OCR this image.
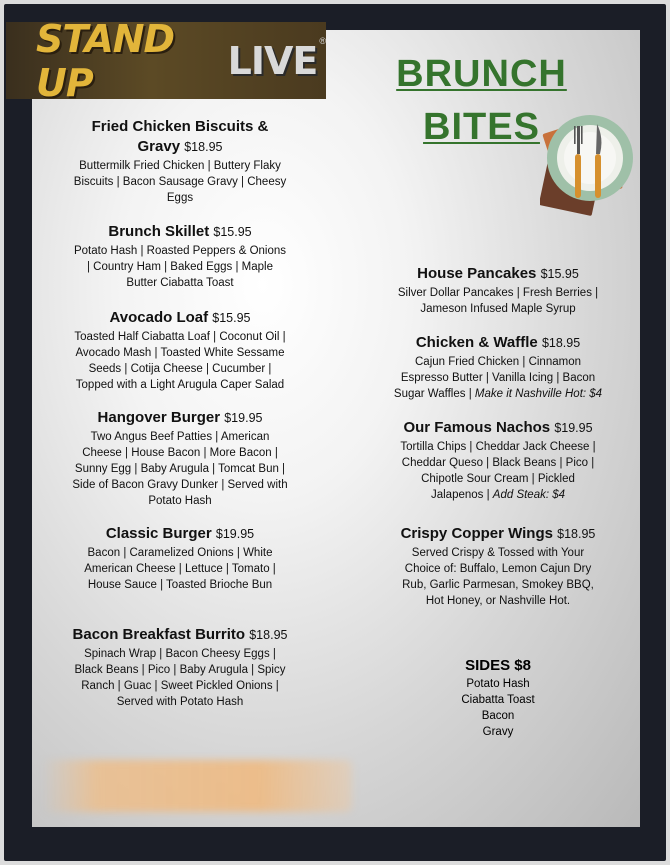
STAND UP	LIVE ®
BRUNCH
BITES
Fried Chicken Biscuits &
Gravy $18.95
Buttermilk Fried Chicken | Buttery Flaky
Biscuits | Bacon Sausage Gravy | Cheesy
Eggs
Brunch Skillet $15.95
Potato Hash | Roasted Peppers & Onions
| Country Ham | Baked Eggs | Maple
Butter Ciabatta Toast
Avocado Loaf $15.95
Toasted Half Ciabatta Loaf | Coconut Oil |
Avocado Mash | Toasted White Sessame
Seeds | Cotija Cheese | Cucumber |
Topped with a Light Arugula Caper Salad
Hangover Burger $19.95
Two Angus Beef Patties | American
Cheese | House Bacon | More Bacon |
Sunny Egg | Baby Arugula | Tomcat Bun |
Side of Bacon Gravy Dunker | Served with
Potato Hash
Classic Burger $19.95
Bacon | Caramelized Onions | White
American Cheese | Lettuce | Tomato |
House Sauce | Toasted Brioche Bun
Bacon Breakfast Burrito $18.95
Spinach Wrap | Bacon Cheesy Eggs |
Black Beans | Pico | Baby Arugula | Spicy
Ranch | Guac | Sweet Pickled Onions |
Served with Potato Hash
House Pancakes $15.95
Silver Dollar Pancakes | Fresh Berries |
Jameson Infused Maple Syrup
Chicken & Waffle $18.95
Cajun Fried Chicken | Cinnamon
Espresso Butter | Vanilla Icing | Bacon
Sugar Waffles | Make it Nashville Hot: $4
Our Famous Nachos $19.95
Tortilla Chips | Cheddar Jack Cheese |
Cheddar Queso | Black Beans | Pico |
Chipotle Sour Cream | Pickled
Jalapenos | Add Steak: $4
Crispy Copper Wings $18.95
Served Crispy & Tossed with Your
Choice of: Buffalo, Lemon Cajun Dry
Rub, Garlic Parmesan, Smokey BBQ,
Hot Honey, or Nashville Hot.
SIDES $8
Potato Hash
Ciabatta Toast
Bacon
Gravy
